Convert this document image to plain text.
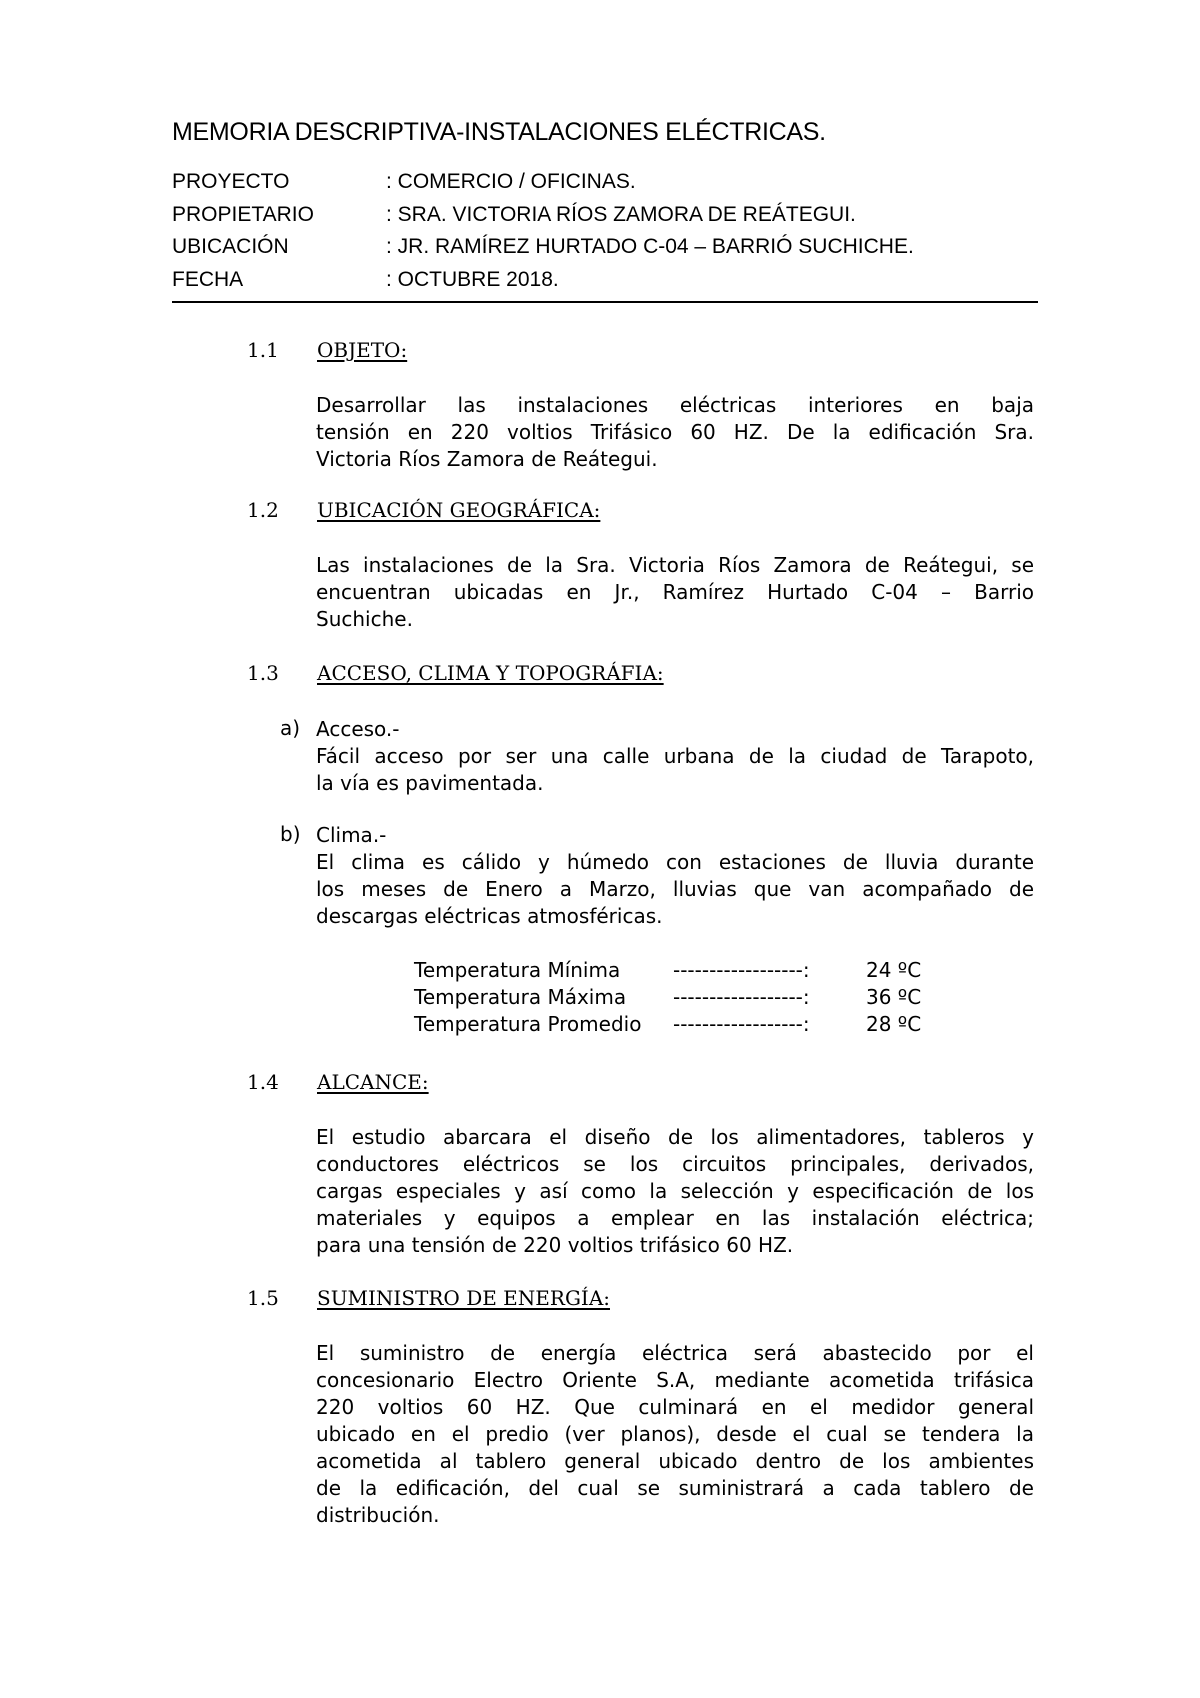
MEMORIA DESCRIPTIVA-INSTALACIONES ELÉCTRICAS.
PROYECTO	: COMERCIO / OFICINAS.
PROPIETARIO	: SRA. VICTORIA RÍOS ZAMORA DE REÁTEGUI.
UBICACIÓN	: JR. RAMÍREZ HURTADO C-04 – BARRIÓ SUCHICHE.
FECHA	: OCTUBRE 2018.
1.1 OBJETO:
Desarrollar las instalaciones eléctricas interiores en baja
tensión en 220 voltios Trifásico 60 HZ. De la edificación Sra.
Victoria Ríos Zamora de Reátegui.
1.2 UBICACIÓN GEOGRÁFICA:
Las instalaciones de la Sra. Victoria Ríos Zamora de Reátegui, se
encuentran ubicadas en Jr., Ramírez Hurtado C-04 – Barrio
Suchiche.
1.3 ACCESO, CLIMA Y TOPOGRÁFIA:
a) Acceso.-
Fácil acceso por ser una calle urbana de la ciudad de Tarapoto,
la vía es pavimentada.
b) Clima.-
El clima es cálido y húmedo con estaciones de lluvia durante
los meses de Enero a Marzo, lluvias que van acompañado de
descargas eléctricas atmosféricas.
Temperatura Mínima	------------------:	24 ºC
Temperatura Máxima ------------------:	36 ºC
Temperatura Promedio ------------------:	28 ºC
1.4 ALCANCE:
El estudio abarcara el diseño de los alimentadores, tableros y
conductores eléctricos se los circuitos principales, derivados,
cargas especiales y así como la selección y especificación de los
materiales y equipos a emplear en las instalación eléctrica;
para una tensión de 220 voltios trifásico 60 HZ.
1.5 SUMINISTRO DE ENERGÍA:
El suministro de energía eléctrica será abastecido por el
concesionario Electro Oriente S.A, mediante acometida trifásica
220 voltios 60 HZ. Que culminará en el medidor general
ubicado en el predio (ver planos), desde el cual se tendera la
acometida al tablero general ubicado dentro de los ambientes
de la edificación, del cual se suministrará a cada tablero de
distribución.
